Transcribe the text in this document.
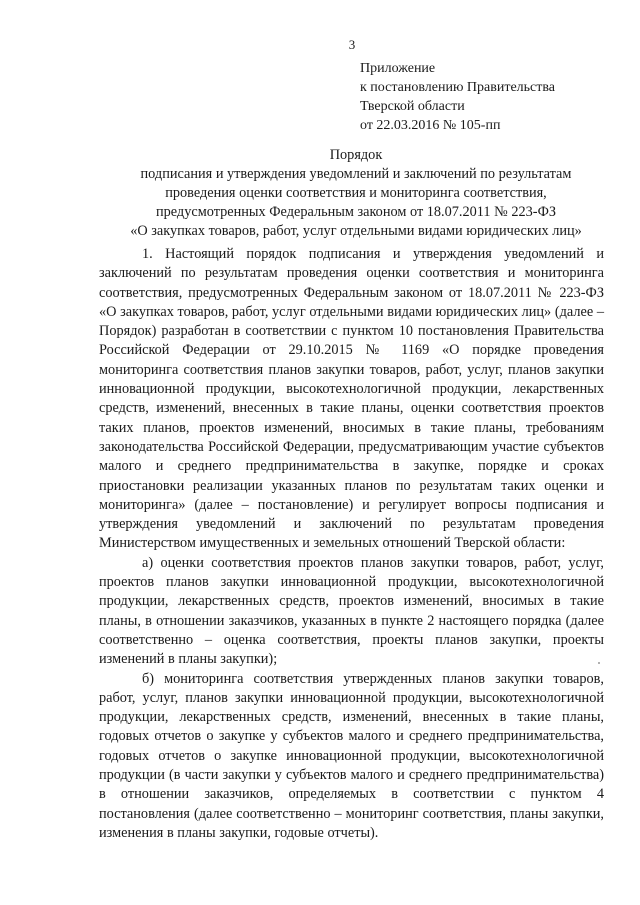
3
Приложение
к постановлению Правительства
Тверской области
от 22.03.2016 № 105-пп
Порядок
подписания и утверждения уведомлений и заключений по результатам
проведения оценки соответствия и мониторинга соответствия,
предусмотренных Федеральным законом от 18.07.2011 № 223-ФЗ
«О закупках товаров, работ, услуг отдельными видами юридических лиц»

1. Настоящий порядок подписания и утверждения уведомлений и заключений по результатам проведения оценки соответствия и мониторинга соответствия, предусмотренных Федеральным законом от 18.07.2011 № 223-ФЗ «О закупках товаров, работ, услуг отдельными видами юридических лиц» (далее – Порядок) разработан в соответствии с пунктом 10 постановления Правительства Российской Федерации от 29.10.2015 № 1169 «О порядке проведения мониторинга соответствия планов закупки товаров, работ, услуг, планов закупки инновационной продукции, высокотехнологичной продукции, лекарственных средств, изменений, внесенных в такие планы, оценки соответствия проектов таких планов, проектов изменений, вносимых в такие планы, требованиям законодательства Российской Федерации, предусматривающим участие субъектов малого и среднего предпринимательства в закупке, порядке и сроках приостановки реализации указанных планов по результатам таких оценки и мониторинга» (далее – постановление) и регулирует вопросы подписания и утверждения уведомлений и заключений по результатам проведения Министерством имущественных и земельных отношений Тверской области:

а) оценки соответствия проектов планов закупки товаров, работ, услуг, проектов планов закупки инновационной продукции, высокотехнологичной продукции, лекарственных средств, проектов изменений, вносимых в такие планы, в отношении заказчиков, указанных в пункте 2 настоящего порядка (далее соответственно – оценка соответствия, проекты планов закупки, проекты изменений в планы закупки);

б) мониторинга соответствия утвержденных планов закупки товаров, работ, услуг, планов закупки инновационной продукции, высокотехнологичной продукции, лекарственных средств, изменений, внесенных в такие планы, годовых отчетов о закупке у субъектов малого и среднего предпринимательства, годовых отчетов о закупке инновационной продукции, высокотехнологичной продукции (в части закупки у субъектов малого и среднего предпринимательства) в отношении заказчиков, определяемых в соответствии с пунктом 4 постановления (далее соответственно – мониторинг соответствия, планы закупки, изменения в планы закупки, годовые отчеты).
